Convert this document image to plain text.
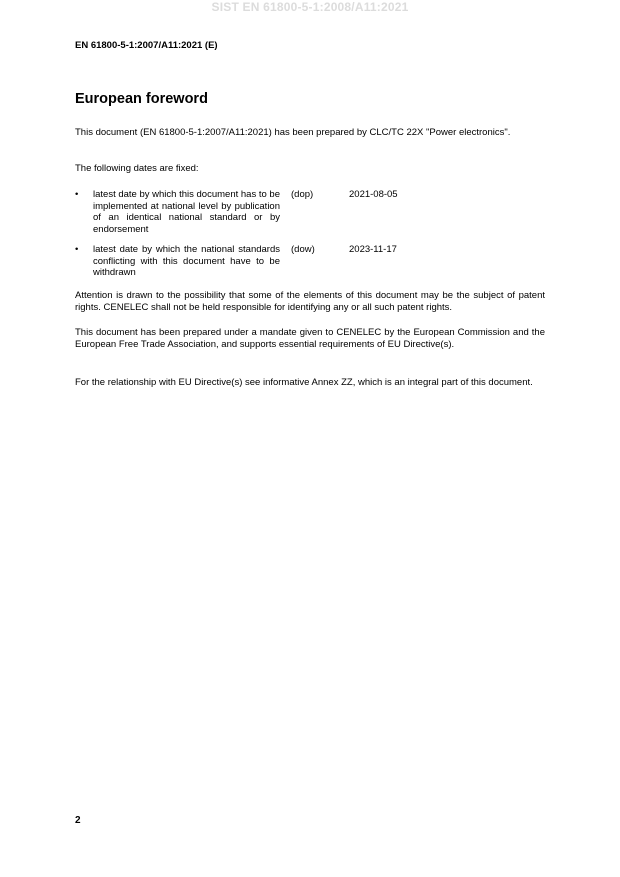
SIST EN 61800-5-1:2008/A11:2021
EN 61800-5-1:2007/A11:2021 (E)
European foreword
This document (EN 61800-5-1:2007/A11:2021) has been prepared by CLC/TC 22X "Power electronics".
The following dates are fixed:
• latest date by which this document has to be implemented at national level by publication of an identical national standard or by endorsement
(dop)	2021-08-05
• latest date by which the national standards conflicting with this document have to be withdrawn
(dow)	2023-11-17
Attention is drawn to the possibility that some of the elements of this document may be the subject of patent rights. CENELEC shall not be held responsible for identifying any or all such patent rights.
This document has been prepared under a mandate given to CENELEC by the European Commission and the European Free Trade Association, and supports essential requirements of EU Directive(s).
For the relationship with EU Directive(s) see informative Annex ZZ, which is an integral part of this document.
2
